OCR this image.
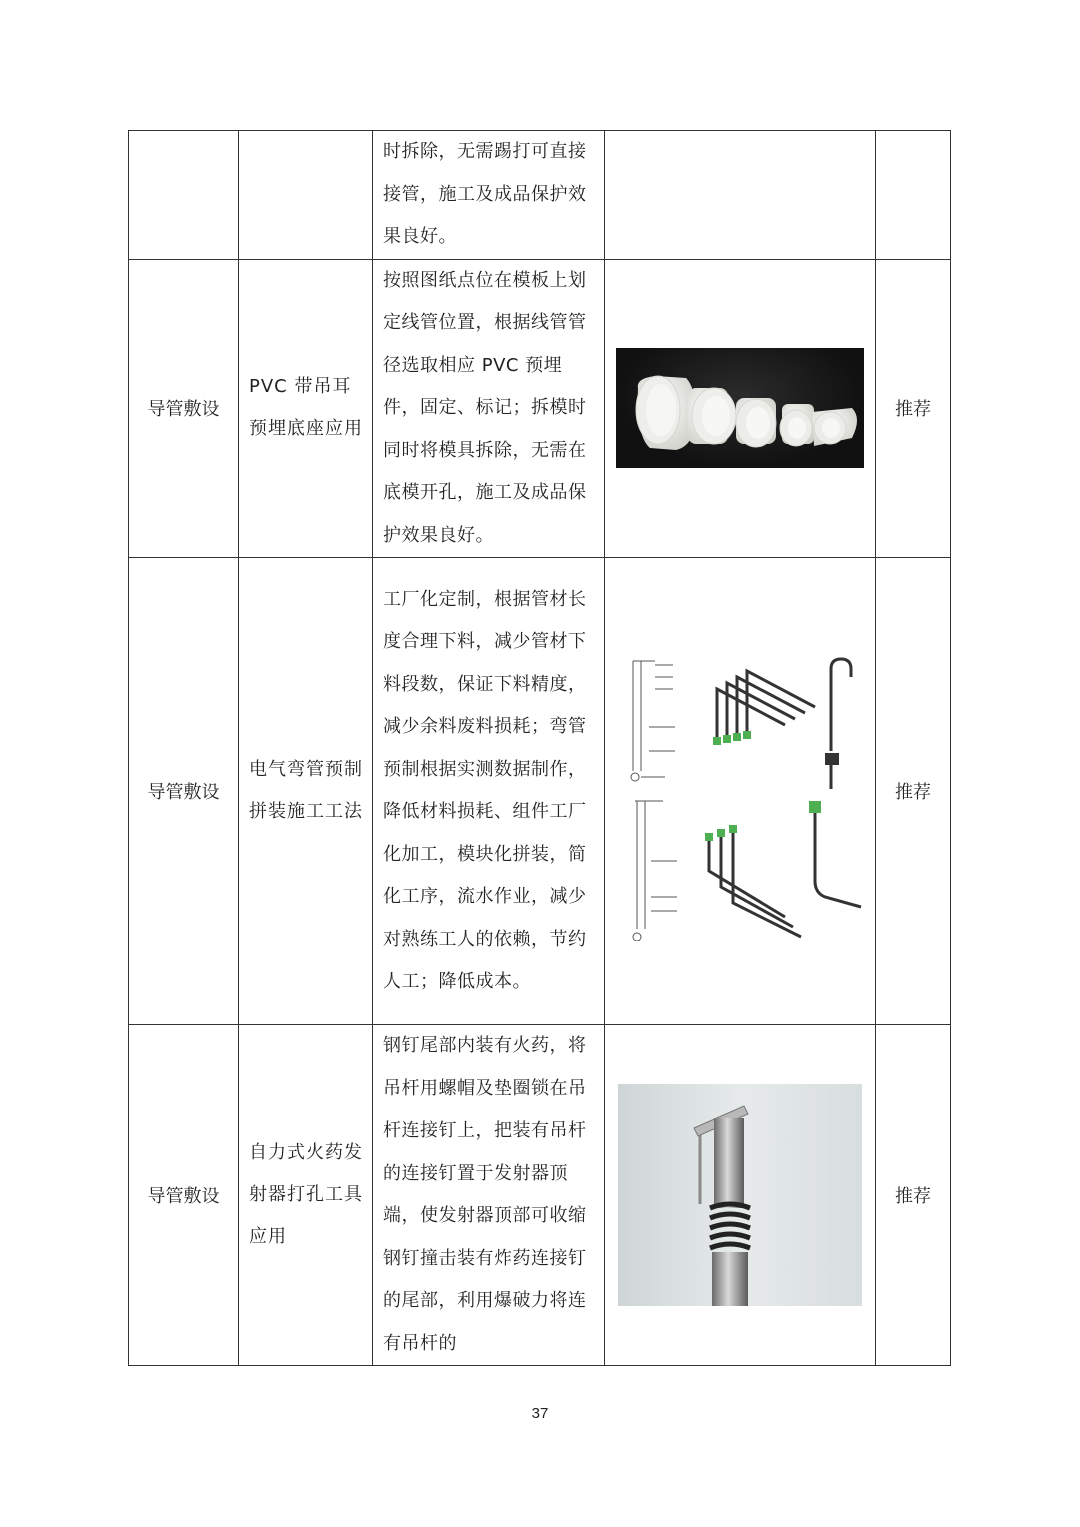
		时拆除，无需踢打可直接接管，施工及成品保护效果良好。		
导管敷设	PVC 带吊耳预埋底座应用	按照图纸点位在模板上划定线管位置，根据线管管径选取相应 PVC 预埋件，固定、标记；拆模时同时将模具拆除，无需在底模开孔，施工及成品保护效果良好。		推荐
导管敷设	电气弯管预制拼装施工工法	工厂化定制，根据管材长度合理下料，减少管材下料段数，保证下料精度，减少余料废料损耗；弯管预制根据实测数据制作，降低材料损耗、组件工厂化加工，模块化拼装，简化工序，流水作业，减少对熟练工人的依赖，节约人工；降低成本。		推荐
导管敷设	自力式火药发射器打孔工具应用	钢钉尾部内装有火药，将吊杆用螺帽及垫圈锁在吊杆连接钉上，把装有吊杆的连接钉置于发射器顶端，使发射器顶部可收缩钢钉撞击装有炸药连接钉的尾部，利用爆破力将连有吊杆的		推荐
37
